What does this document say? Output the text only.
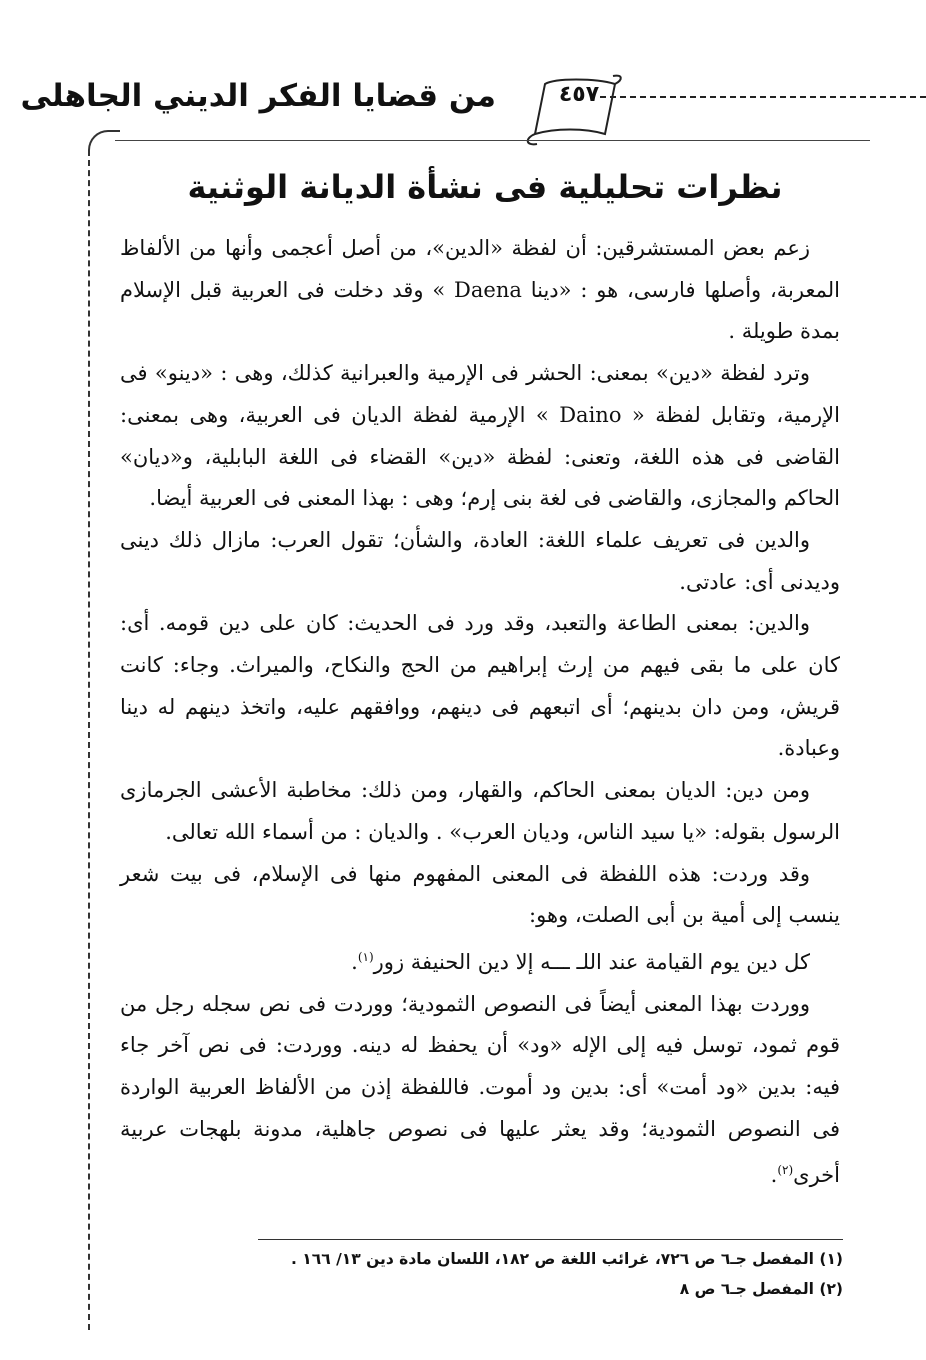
٤٥٧
من قضايا الفكر الديني الجاهلى
نظرات تحليلية فى نشأة الديانة الوثنية

زعم بعض المستشرقين: أن لفظة «الدين»، من أصل أعجمى وأنها من الألفاظ المعربة، وأصلها فارسى، هو : «دينا Daena » وقد دخلت فى العربية قبل الإسلام بمدة طويلة .

وترد لفظة «دين» بمعنى: الحشر فى الإرمية والعبرانية كذلك، وهى : «دينو» فى الإرمية، وتقابل لفظة « Daino » الإرمية لفظة الديان فى العربية، وهى بمعنى: القاضى فى هذه اللغة، وتعنى: لفظة «دين» القضاء فى اللغة البابلية، و«ديان» الحاكم والمجازى، والقاضى فى لغة بنى إرم؛ وهى : بهذا المعنى فى العربية أيضا.

والدين فى تعريف علماء اللغة: العادة، والشأن؛ تقول العرب: مازال ذلك دينى وديدنى أى: عادتى.

والدين: بمعنى الطاعة والتعبد، وقد ورد فى الحديث: كان على دين قومه. أى: كان على ما بقى فيهم من إرث إبراهيم من الحج والنكاح، والميراث. وجاء: كانت قريش، ومن دان بدينهم؛ أى اتبعهم فى دينهم، ووافقهم عليه، واتخذ دينهم له دينا وعبادة.

ومن دين: الديان بمعنى الحاكم، والقهار، ومن ذلك: مخاطبة الأعشى الجرمازى الرسول بقوله: «يا سيد الناس، وديان العرب» . والديان : من أسماء الله تعالى.

وقد وردت: هذه اللفظة فى المعنى المفهوم منها فى الإسلام، فى بيت شعر ينسب إلى أمية بن أبى الصلت، وهو:

كل دين يوم القيامة عند اللـ ـــه إلا دين الحنيفة زور$^{(١)}$.

ووردت بهذا المعنى أيضاً فى النصوص الثمودية؛ ووردت فى نص سجله رجل من قوم ثمود، توسل فيه إلى الإله «ود» أن يحفظ له دينه. ووردت: فى نص آخر جاء فيه: بدين «ود أمت» أى: بدين ود أموت. فاللفظة إذن من الألفاظ العربية الواردة فى النصوص الثمودية؛ وقد يعثر عليها فى نصوص جاهلية، مدونة بلهجات عربية أخرى$^{(٢)}$.

(١) المفصل جـ٦ ص ٧٢٦، غرائب اللغة ص ١٨٢، اللسان مادة دين ١٣/ ١٦٦ .

(٢) المفصل جـ٦ ص ٨
